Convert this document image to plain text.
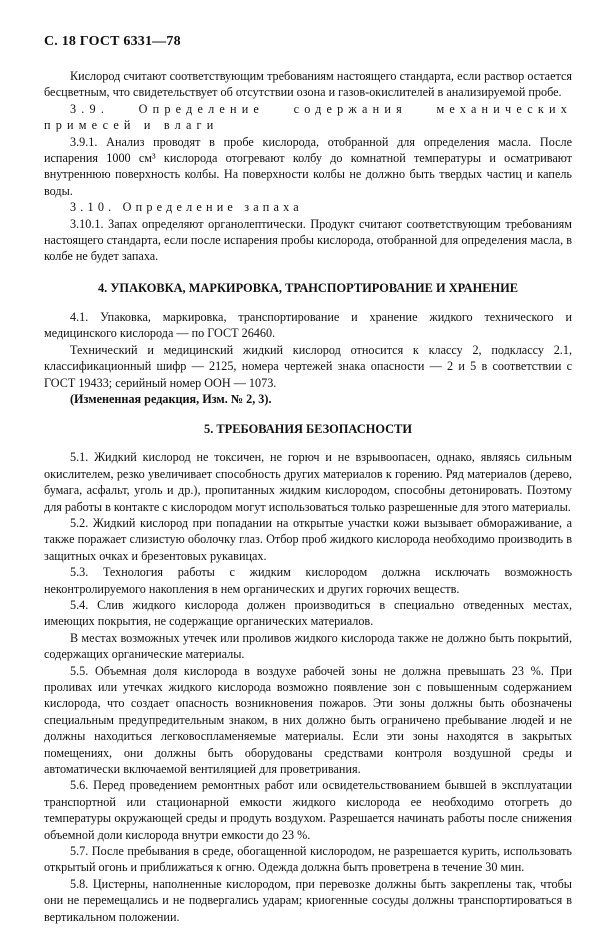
С. 18 ГОСТ 6331—78

Кислород считают соответствующим требованиям настоящего стандарта, если раствор остается бесцветным, что свидетельствует об отсутствии озона и газов-окислителей в анализируемой пробе.

3.9. Определение содержания механических примесей и влаги

3.9.1. Анализ проводят в пробе кислорода, отобранной для определения масла. После испарения 1000 см³ кислорода отогревают колбу до комнатной температуры и осматривают внутреннюю поверхность колбы. На поверхности колбы не должно быть твердых частиц и капель воды.

3.10. Определение запаха

3.10.1. Запах определяют органолептически. Продукт считают соответствующим требованиям настоящего стандарта, если после испарения пробы кислорода, отобранной для определения масла, в колбе не будет запаха.

4. УПАКОВКА, МАРКИРОВКА, ТРАНСПОРТИРОВАНИЕ И ХРАНЕНИЕ

4.1. Упаковка, маркировка, транспортирование и хранение жидкого технического и медицинского кислорода — по ГОСТ 26460.

Технический и медицинский жидкий кислород относится к классу 2, подклассу 2.1, классификационный шифр — 2125, номера чертежей знака опасности — 2 и 5 в соответствии с ГОСТ 19433; серийный номер ООН — 1073.

(Измененная редакция, Изм. № 2, 3).

5. ТРЕБОВАНИЯ БЕЗОПАСНОСТИ

5.1. Жидкий кислород не токсичен, не горюч и не взрывоопасен, однако, являясь сильным окислителем, резко увеличивает способность других материалов к горению. Ряд материалов (дерево, бумага, асфальт, уголь и др.), пропитанных жидким кислородом, способны детонировать. Поэтому для работы в контакте с кислородом могут использоваться только разрешенные для этого материалы.

5.2. Жидкий кислород при попадании на открытые участки кожи вызывает обмораживание, а также поражает слизистую оболочку глаз. Отбор проб жидкого кислорода необходимо производить в защитных очках и брезентовых рукавицах.

5.3. Технология работы с жидким кислородом должна исключать возможность неконтролируемого накопления в нем органических и других горючих веществ.

5.4. Слив жидкого кислорода должен производиться в специально отведенных местах, имеющих покрытия, не содержащие органических материалов.

В местах возможных утечек или проливов жидкого кислорода также не должно быть покрытий, содержащих органические материалы.

5.5. Объемная доля кислорода в воздухе рабочей зоны не должна превышать 23 %. При проливах или утечках жидкого кислорода возможно появление зон с повышенным содержанием кислорода, что создает опасность возникновения пожаров. Эти зоны должны быть обозначены специальным предупредительным знаком, в них должно быть ограничено пребывание людей и не должны находиться легковоспламеняемые материалы. Если эти зоны находятся в закрытых помещениях, они должны быть оборудованы средствами контроля воздушной среды и автоматически включаемой вентиляцией для проветривания.

5.6. Перед проведением ремонтных работ или освидетельствованием бывшей в эксплуатации транспортной или стационарной емкости жидкого кислорода ее необходимо отогреть до температуры окружающей среды и продуть воздухом. Разрешается начинать работы после снижения объемной доли кислорода внутри емкости до 23 %.

5.7. После пребывания в среде, обогащенной кислородом, не разрешается курить, использовать открытый огонь и приближаться к огню. Одежда должна быть проветрена в течение 30 мин.

5.8. Цистерны, наполненные кислородом, при перевозке должны быть закреплены так, чтобы они не перемещались и не подвергались ударам; криогенные сосуды должны транспортироваться в вертикальном положении.
